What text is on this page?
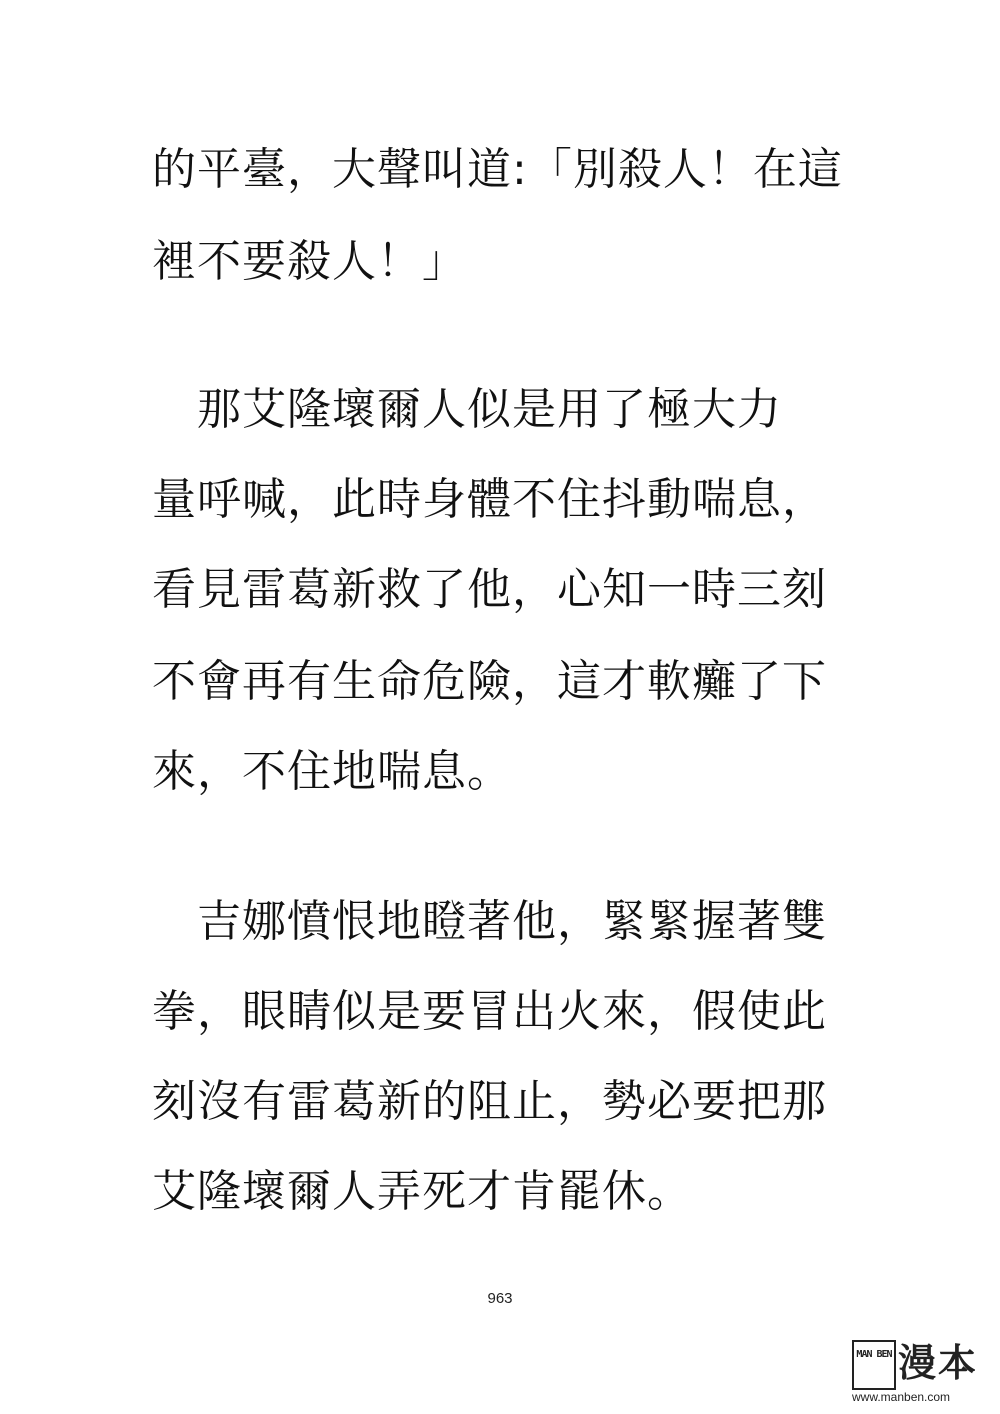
的平臺，大聲叫道:「別殺人！在這
裡不要殺人！」
　那艾隆壞爾人似是用了極大力
量呼喊，此時身體不住抖動喘息，
看見雷葛新救了他，心知一時三刻
不會再有生命危險，這才軟癱了下
來，不住地喘息。
　吉娜憤恨地瞪著他，緊緊握著雙
拳，眼睛似是要冒出火來，假使此
刻沒有雷葛新的阻止，勢必要把那
艾隆壞爾人弄死才肯罷休。
963
MAN BEN 漫本
www.manben.com
